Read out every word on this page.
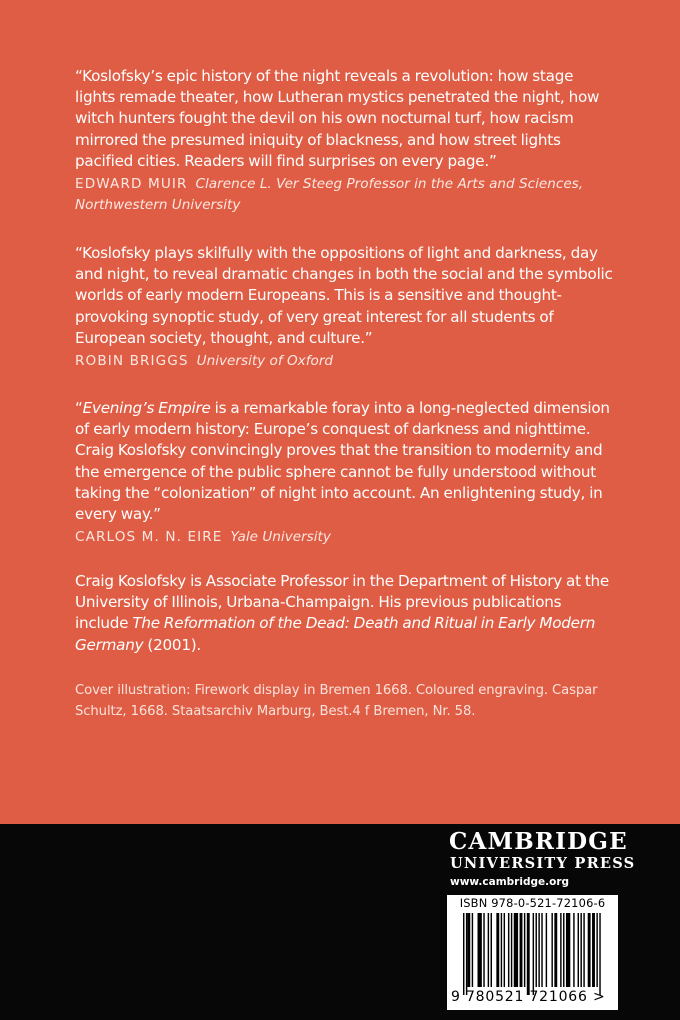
“Koslofsky’s epic history of the night reveals a revolution: how stage lights remade theater, how Lutheran mystics penetrated the night, how witch hunters fought the devil on his own nocturnal turf, how racism mirrored the presumed iniquity of blackness, and how street lights pacified cities. Readers will find surprises on every page.”

EDWARD MUIR Clarence L. Ver Steeg Professor in the Arts and Sciences, Northwestern University

“Koslofsky plays skilfully with the oppositions of light and darkness, day and night, to reveal dramatic changes in both the social and the symbolic worlds of early modern Europeans. This is a sensitive and thought-provoking synoptic study, of very great interest for all students of European society, thought, and culture.”

ROBIN BRIGGS University of Oxford

“Evening’s Empire is a remarkable foray into a long-neglected dimension of early modern history: Europe’s conquest of darkness and nighttime. Craig Koslofsky convincingly proves that the transition to modernity and the emergence of the public sphere cannot be fully understood without taking the “colonization” of night into account. An enlightening study, in every way.”

CARLOS M. N. EIRE Yale University

Craig Koslofsky is Associate Professor in the Department of History at the University of Illinois, Urbana-Champaign. His previous publications include The Reformation of the Dead: Death and Ritual in Early Modern Germany (2001).

Cover illustration: Firework display in Bremen 1668. Coloured engraving. Caspar Schultz, 1668. Staatsarchiv Marburg, Best.4 f Bremen, Nr. 58.

CAMBRIDGE
UNIVERSITY PRESS
www.cambridge.org
ISBN 978-0-521-72106-6
9 780521 721066 >
